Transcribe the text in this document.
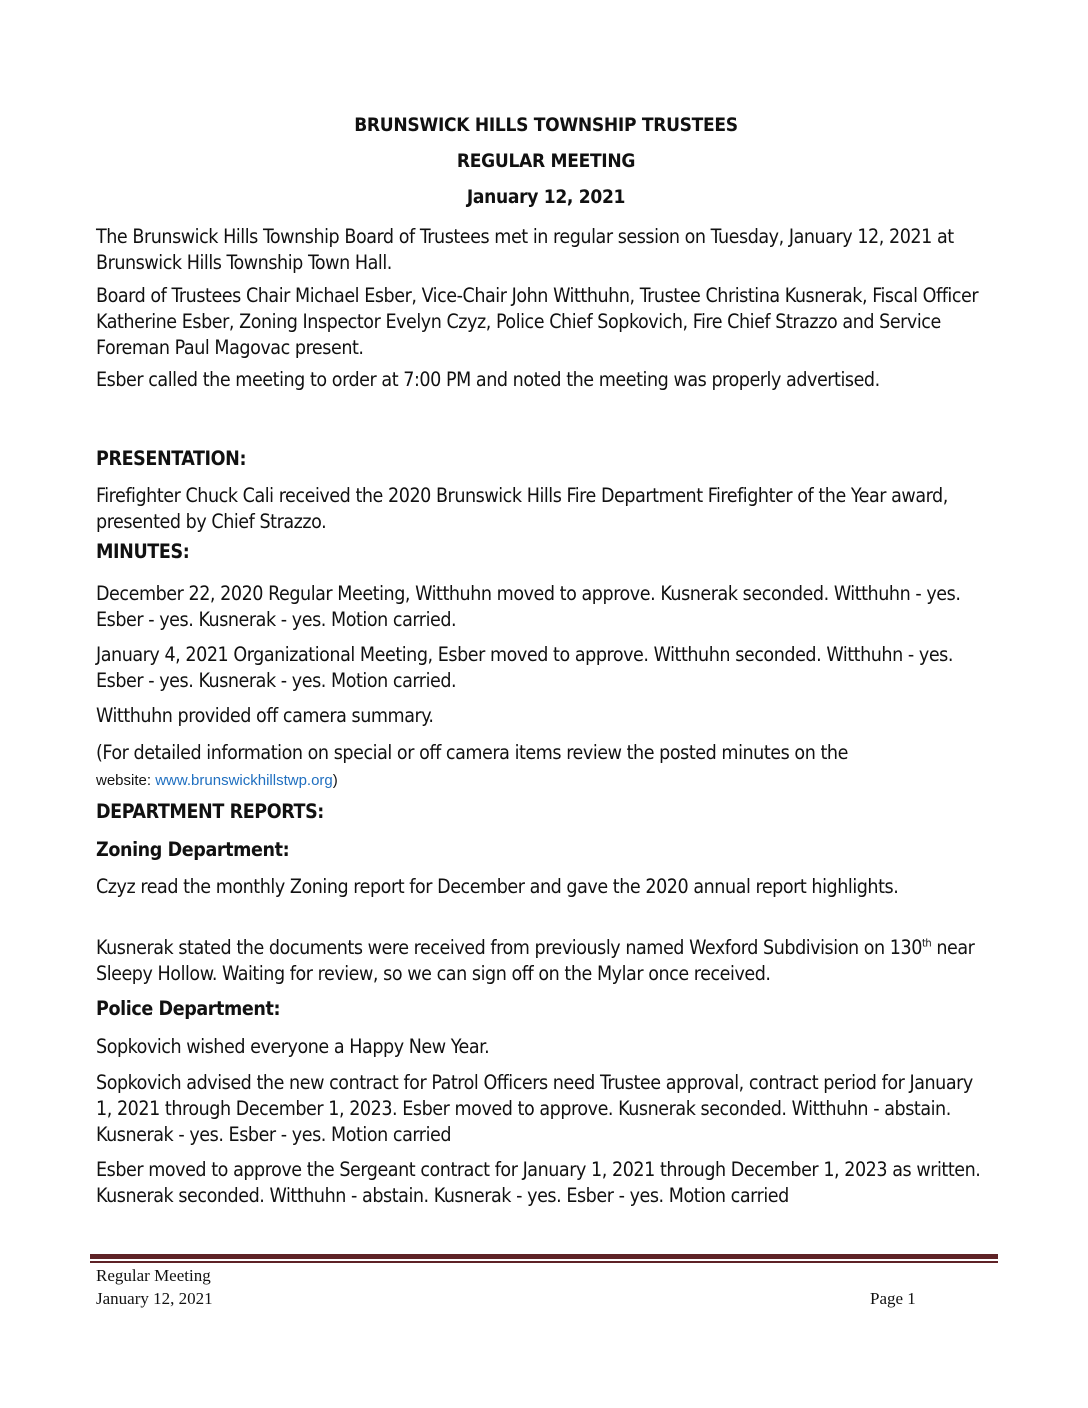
BRUNSWICK HILLS TOWNSHIP TRUSTEES
REGULAR MEETING
January 12, 2021
The Brunswick Hills Township Board of Trustees met in regular session on Tuesday, January 12, 2021 at Brunswick Hills Township Town Hall.
Board of Trustees Chair Michael Esber, Vice-Chair John Witthuhn, Trustee Christina Kusnerak, Fiscal Officer Katherine Esber, Zoning Inspector Evelyn Czyz, Police Chief Sopkovich, Fire Chief Strazzo and Service Foreman Paul Magovac present.
Esber called the meeting to order at 7:00 PM and noted the meeting was properly advertised.
PRESENTATION:
Firefighter Chuck Cali received the 2020 Brunswick Hills Fire Department Firefighter of the Year award, presented by Chief Strazzo.
MINUTES:
December 22, 2020 Regular Meeting, Witthuhn moved to approve. Kusnerak seconded. Witthuhn - yes. Esber - yes. Kusnerak - yes. Motion carried.
January 4, 2021 Organizational Meeting, Esber moved to approve. Witthuhn seconded. Witthuhn - yes. Esber - yes. Kusnerak - yes. Motion carried.
Witthuhn provided off camera summary.
(For detailed information on special or off camera items review the posted minutes on the
website: www.brunswickhillstwp.org)
DEPARTMENT REPORTS:
Zoning Department:
Czyz read the monthly Zoning report for December and gave the 2020 annual report highlights.
Kusnerak stated the documents were received from previously named Wexford Subdivision on 130th near Sleepy Hollow. Waiting for review, so we can sign off on the Mylar once received.
Police Department:
Sopkovich wished everyone a Happy New Year.
Sopkovich advised the new contract for Patrol Officers need Trustee approval, contract period for January 1, 2021 through December 1, 2023. Esber moved to approve. Kusnerak seconded. Witthuhn - abstain. Kusnerak - yes. Esber - yes. Motion carried
Esber moved to approve the Sergeant contract for January 1, 2021 through December 1, 2023 as written. Kusnerak seconded. Witthuhn - abstain. Kusnerak - yes. Esber - yes. Motion carried
Regular Meeting
January 12, 2021	Page 1
